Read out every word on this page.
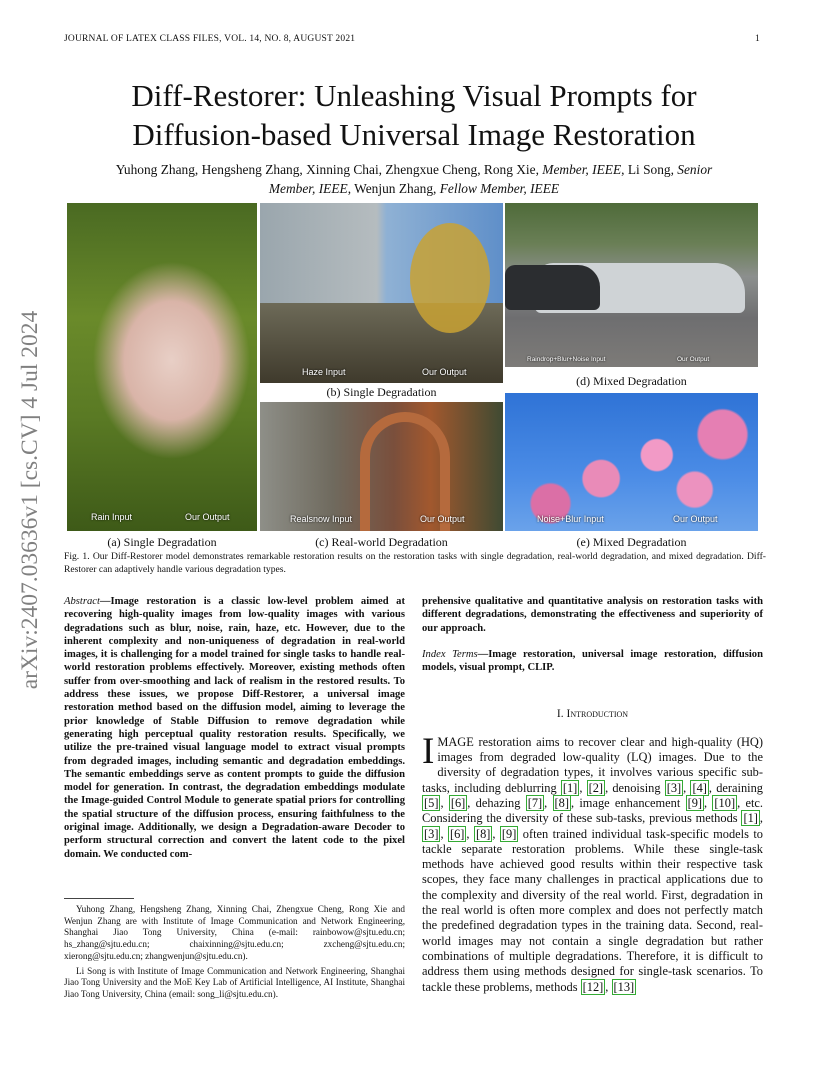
JOURNAL OF LATEX CLASS FILES, VOL. 14, NO. 8, AUGUST 2021	1
Diff-Restorer: Unleashing Visual Prompts for
Diffusion-based Universal Image Restoration
Yuhong Zhang, Hengsheng Zhang, Xinning Chai, Zhengxue Cheng, Rong Xie, Member, IEEE, Li Song, Senior
Member, IEEE, Wenjun Zhang, Fellow Member, IEEE
arXiv:2407.03636v1 [cs.CV] 4 Jul 2024	Rain Input	Our Output
Haze Input	Our Output
(b) Single Degradation
Raindrop+Blur+Noise Input	Our Output
(d) Mixed Degradation
Realsnow Input	Our Output	Noise+Blur Input	Our Output
(a) Single Degradation	(c) Real-world Degradation	(e) Mixed Degradation
Fig. 1. Our Diff-Restorer model demonstrates remarkable restoration results on the restoration tasks with single degradation, real-world degradation, and mixed degradation. Diff-Restorer can adaptively handle various degradation types.
Abstract—Image restoration is a classic low-level problem aimed at recovering high-quality images from low-quality images with various degradations such as blur, noise, rain, haze, etc. However, due to the inherent complexity and non-uniqueness of degradation in real-world images, it is challenging for a model trained for single tasks to handle real-world restoration problems effectively. Moreover, existing methods often suffer from over-smoothing and lack of realism in the restored results. To address these issues, we propose Diff-Restorer, a universal image restoration method based on the diffusion model, aiming to leverage the prior knowledge of Stable Diffusion to remove degradation while generating high perceptual quality restoration results. Specifically, we utilize the pre-trained visual language model to extract visual prompts from degraded images, including semantic and degradation embeddings. The semantic embeddings serve as content prompts to guide the diffusion model for generation. In contrast, the degradation embeddings modulate the Image-guided Control Module to generate spatial priors for controlling the spatial structure of the diffusion process, ensuring faithfulness to the original image. Additionally, we design a Degradation-aware Decoder to perform structural correction and convert the latent code to the pixel domain. We conducted com-

Yuhong Zhang, Hengsheng Zhang, Xinning Chai, Zhengxue Cheng, Rong Xie and Wenjun Zhang are with Institute of Image Communication and Network Engineering, Shanghai Jiao Tong University, China (e-mail: rainbowow@sjtu.edu.cn; hs_zhang@sjtu.edu.cn; chaixinning@sjtu.edu.cn; zxcheng@sjtu.edu.cn; xierong@sjtu.edu.cn; zhangwenjun@sjtu.edu.cn).

Li Song is with Institute of Image Communication and Network Engineering, Shanghai Jiao Tong University and the MoE Key Lab of Artificial Intelligence, AI Institute, Shanghai Jiao Tong University, China (email: song_li@sjtu.edu.cn).

prehensive qualitative and quantitative analysis on restoration tasks with different degradations, demonstrating the effectiveness and superiority of our approach.
Index Terms—Image restoration, universal image restoration, diffusion models, visual prompt, CLIP.
I. Introduction
IMAGE restoration aims to recover clear and high-quality (HQ) images from degraded low-quality (LQ) images. Due to the diversity of degradation types, it involves various specific sub-tasks, including deblurring [1] , [2] , denoising [3] , [4] , deraining [5] , [6] , dehazing [7] , [8] , image enhancement [9] , [10] , etc. Considering the diversity of these sub-tasks, previous methods [1] , [3] , [6] , [8] , [9] often trained individual task-specific models to tackle separate restoration problems. While these single-task methods have achieved good results within their respective task scopes, they face many challenges in practical applications due to the complexity and diversity of the real world. First, degradation in the real world is often more complex and does not perfectly match the predefined degradation types in the training data. Second, real-world images may not contain a single degradation but rather combinations of multiple degradations. Therefore, it is difficult to address them using methods designed for single-task scenarios. To tackle these problems, methods [12] , [13]
